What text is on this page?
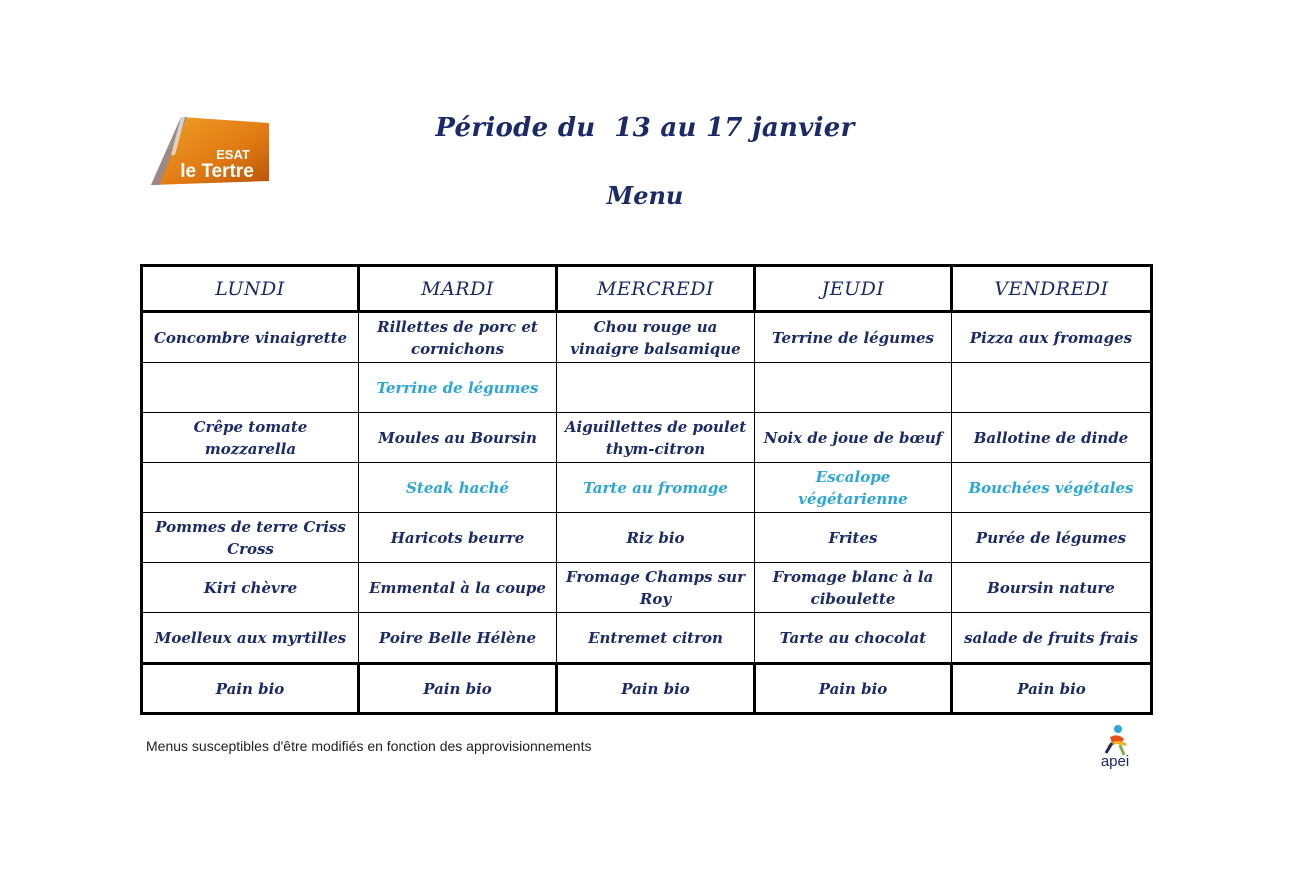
ESAT
le Tertre
Période du  13 au 17 janvier
Menu
LUNDI	MARDI	MERCREDI	JEUDI	VENDREDI
Concombre vinaigrette	Rillettes de porc et cornichons	Chou rouge ua vinaigre balsamique	Terrine de légumes	Pizza aux fromages
	Terrine de légumes			
Crêpe tomate mozzarella	Moules au Boursin	Aiguillettes de poulet thym-citron	Noix de joue de bœuf	Ballotine de dinde
	Steak haché	Tarte au fromage	Escalope végétarienne	Bouchées végétales
Pommes de terre Criss Cross	Haricots beurre	Riz bio	Frites	Purée de légumes
Kiri chèvre	Emmental à la coupe	Fromage Champs sur Roy	Fromage blanc à la ciboulette	Boursin nature
Moelleux aux myrtilles	Poire Belle Hélène	Entremet citron	Tarte au chocolat	salade de fruits frais
Pain bio	Pain bio	Pain bio	Pain bio	Pain bio
Menus susceptibles d'être modifiés en fonction des approvisionnements
apei
